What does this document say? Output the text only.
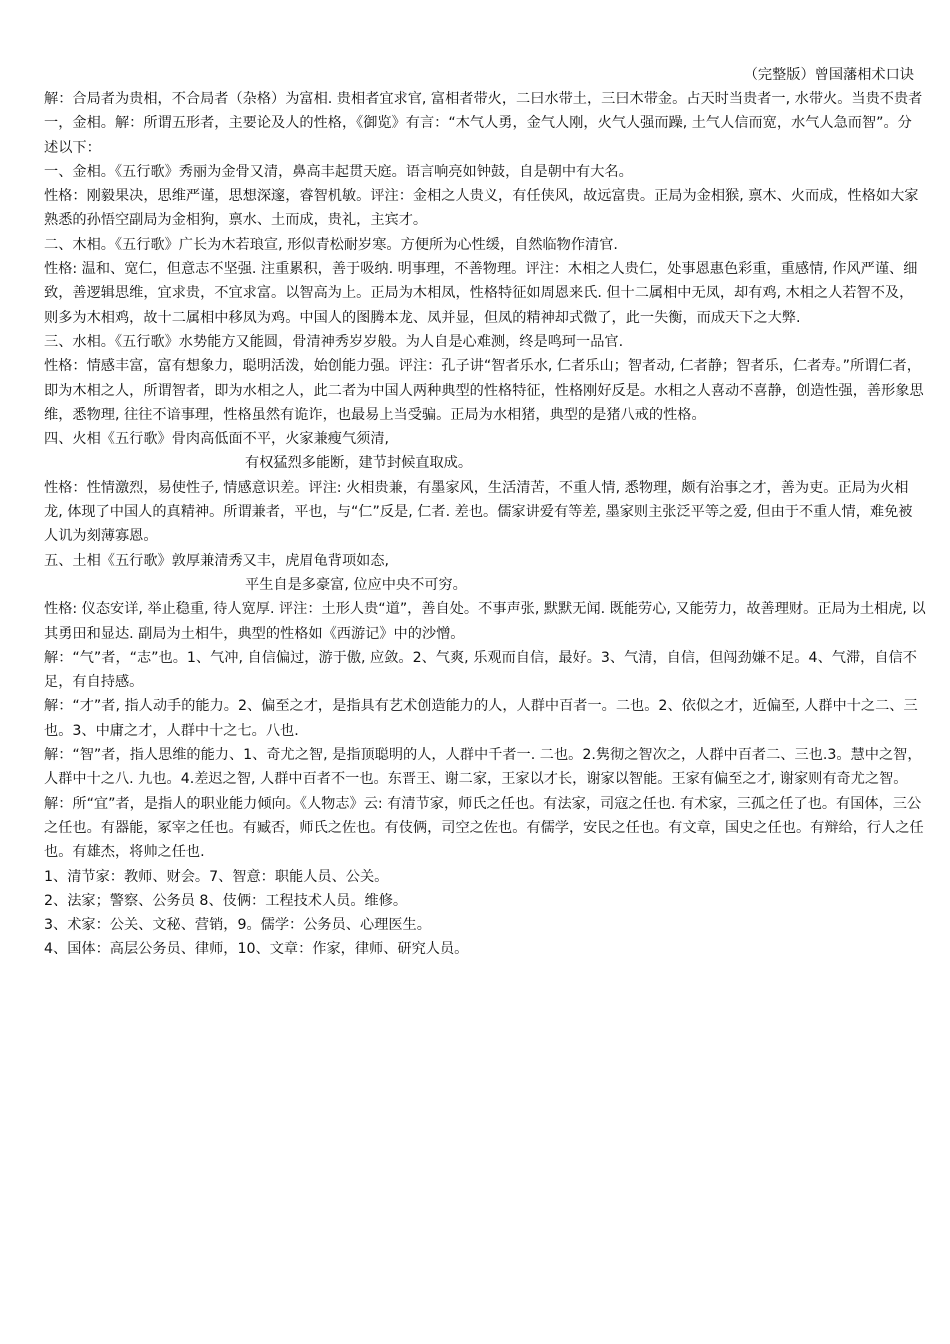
（完整版）曾国藩相术口诀

解：合局者为贵相，不合局者（杂格）为富相. 贵相者宜求官, 富相者带火，二曰水带土，三曰木带金。占天时当贵者一, 水带火。当贵不贵者一，金相。解：所谓五形者，主要论及人的性格，《御览》有言：“木气人勇，金气人刚，火气人强而躁, 土气人信而宽，水气人急而智”。分述以下：

一、金相。《五行歌》秀丽为金骨又清，鼻高丰起贯天庭。语言响亮如钟鼓，自是朝中有大名。

性格：刚毅果决，思维严谨，思想深邃，睿智机敏。评注：金相之人贵义，有任侠风，故远富贵。正局为金相猴, 禀木、火而成，性格如大家熟悉的孙悟空副局为金相狗，禀水、土而成，贵礼，主宾才。

二、木相。《五行歌》广长为木若琅宣, 形似青松耐岁寒。方便所为心性缓，自然临物作清官.

性格: 温和、宽仁，但意志不坚强. 注重累积，善于吸纳. 明事理，不善物理。评注：木相之人贵仁，处事恩惠色彩重，重感情, 作风严谨、细致，善逻辑思维，宜求贵，不宜求富。以智高为上。正局为木相凤，性格特征如周恩来氏. 但十二属相中无凤，却有鸡, 木相之人若智不及，则多为木相鸡，故十二属相中移凤为鸡。中国人的图腾本龙、凤并显，但凤的精神却式微了，此一失衡，而成天下之大弊.

三、水相。《五行歌》水势能方又能圆，骨清神秀岁岁般。为人自是心难测，终是鸣珂一品官.

性格：情感丰富，富有想象力，聪明活泼，始创能力强。评注：孔子讲“智者乐水, 仁者乐山；智者动, 仁者静；智者乐，仁者寿。”所谓仁者，即为木相之人，所谓智者，即为水相之人，此二者为中国人两种典型的性格特征，性格刚好反是。水相之人喜动不喜静，创造性强，善形象思维，悉物理, 往往不谙事理，性格虽然有诡诈，也最易上当受骗。正局为水相猪，典型的是猪八戒的性格。

四、火相《五行歌》骨肉高低面不平，火家兼瘦气须清,

有权猛烈多能断，建节封候直取成。

性格：性情激烈，易使性子, 情感意识差。评注: 火相贵兼，有墨家风，生活清苦，不重人情, 悉物理，颇有治事之才，善为吏。正局为火相龙, 体现了中国人的真精神。所谓兼者，平也，与“仁”反是, 仁者. 差也。儒家讲爱有等差, 墨家则主张泛平等之爱, 但由于不重人情，难免被人讥为刻薄寡恩。

五、土相《五行歌》敦厚兼清秀又丰，虎眉龟背项如态,

平生自是多豪富, 位应中央不可穷。

性格: 仪态安详, 举止稳重, 待人宽厚. 评注：土形人贵“道”，善自处。不事声张, 默默无闻. 既能劳心, 又能劳力，故善理财。正局为土相虎, 以其勇田和显达. 副局为土相牛，典型的性格如《西游记》中的沙憎。

解：“气”者，“志”也。1、气冲, 自信偏过，游于傲, 应敛。2、气爽, 乐观而自信，最好。3、气清，自信，但闯劲嫌不足。4、气滞，自信不足，有自持感。

解：“才”者, 指人动手的能力。2、偏至之才，是指具有艺术创造能力的人，人群中百者一。二也。2、依似之才，近偏至, 人群中十之二、三也。3、中庸之才，人群中十之七。八也.

解：“智”者，指人思维的能力、1、奇尤之智, 是指顶聪明的人，人群中千者一. 二也。2.隽彻之智次之，人群中百者二、三也.3。慧中之智，人群中十之八. 九也。4.差迟之智, 人群中百者不一也。东晋王、谢二家，王家以才长，谢家以智能。王家有偏至之才, 谢家则有奇尤之智。

解：所“宜”者，是指人的职业能力倾向。《人物志》云: 有清节家，师氏之任也。有法家，司寇之任也. 有术家，三孤之任了也。有国体，三公之任也。有器能，冢宰之任也。有臧否，师氏之佐也。有伎俩，司空之佐也。有儒学，安民之任也。有文章，国史之任也。有辩给，行人之任也。有雄杰，将帅之任也.

1、清节家：教师、财会。7、智意：职能人员、公关。

2、法家；警察、公务员 8、伎俩：工程技术人员。维修。

3、术家：公关、文秘、营销，9。儒学：公务员、心理医生。

4、国体：高层公务员、律师，10、文章：作家，律师、研究人员。
